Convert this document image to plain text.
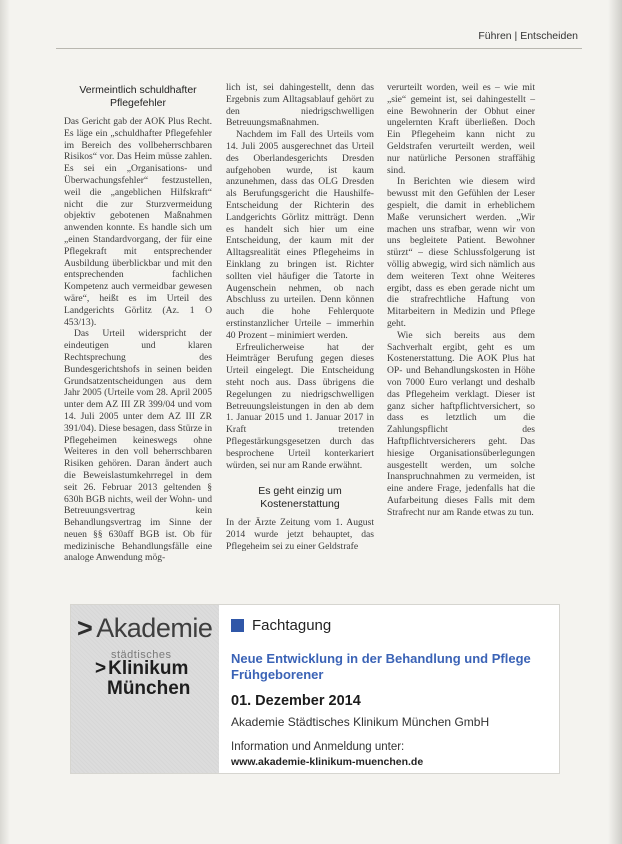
Führen | Entscheiden
Vermeintlich schuldhafter Pflegefehler

Das Gericht gab der AOK Plus Recht. Es läge ein „schuldhafter Pflegefehler im Bereich des vollbeherrschbaren Risikos“ vor. Das Heim müsse zahlen. Es sei ein „Organisations- und Überwachungsfehler“ festzustellen, weil die „angeblichen Hilfskraft“ nicht die zur Sturzvermeidung objektiv gebotenen Maßnahmen anwenden konnte. Es handle sich um „einen Standardvorgang, der für eine Pflegekraft mit entsprechender Ausbildung überblickbar und mit den entsprechenden fachlichen Kompetenz auch vermeidbar gewesen wäre“, heißt es im Urteil des Landgerichts Görlitz (Az. 1 O 453/13).

Das Urteil widerspricht der eindeutigen und klaren Rechtsprechung des Bundesgerichtshofs in seinen beiden Grundsatzentscheidungen aus dem Jahr 2005 (Urteile vom 28. April 2005 unter dem AZ III ZR 399/04 und vom 14. Juli 2005 unter dem AZ III ZR 391/04). Diese besagen, dass Stürze in Pflegeheimen keineswegs ohne Weiteres in den voll beherrschbaren Risiken gehören. Daran ändert auch die Beweislastumkehrregel in dem seit 26. Februar 2013 geltenden § 630h BGB nichts, weil der Wohn- und Betreuungsvertrag kein Behandlungsvertrag im Sinne der neuen §§ 630aff BGB ist. Ob für medizinische Behandlungsfälle eine analoge Anwendung mög-

lich ist, sei dahingestellt, denn das Ergebnis zum Alltagsablauf gehört zu den niedrigschwelligen Betreuungsmaßnahmen.

Nachdem im Fall des Urteils vom 14. Juli 2005 ausgerechnet das Urteil des Oberlandesgerichts Dresden aufgehoben wurde, ist kaum anzunehmen, dass das OLG Dresden als Berufungsgericht die Haushilfe-Entscheidung der Richterin des Landgerichts Görlitz mitträgt. Denn es handelt sich hier um eine Entscheidung, der kaum mit der Alltagsrealität eines Pflegeheims in Einklang zu bringen ist. Richter sollten viel häufiger die Tatorte in Augenschein nehmen, ob nach Abschluss zu urteilen. Denn können auch die hohe Fehlerquote erstinstanzlicher Urteile – immerhin 40 Prozent – minimiert werden.

Erfreulicherweise hat der Heimträger Berufung gegen dieses Urteil eingelegt. Die Entscheidung steht noch aus. Dass übrigens die Regelungen zu niedrigschwelligen Betreuungsleistungen in den ab dem 1. Januar 2015 und 1. Januar 2017 in Kraft tretenden Pflegestärkungsgesetzen durch das besprochene Urteil konterkariert würden, sei nur am Rande erwähnt.

Es geht einzig um Kostenerstattung

In der Ärzte Zeitung vom 1. August 2014 wurde jetzt behauptet, das Pflegeheim sei zu einer Geldstrafe

verurteilt worden, weil es – wie mit „sie“ gemeint ist, sei dahingestellt – eine Bewohnerin der Obhut einer ungelernten Kraft überließen. Doch Ein Pflegeheim kann nicht zu Geldstrafen verurteilt werden, weil nur natürliche Personen straffähig sind.

In Berichten wie diesem wird bewusst mit den Gefühlen der Leser gespielt, die damit in erheblichem Maße verunsichert werden. „Wir machen uns strafbar, wenn wir von uns begleitete Patient. Bewohner stürzt“ – diese Schlussfolgerung ist völlig abwegig, wird sich nämlich aus dem weiteren Text ohne Weiteres ergibt, dass es eben gerade nicht um die strafrechtliche Haftung von Mitarbeitern in Medizin und Pflege geht.

Wie sich bereits aus dem Sachverhalt ergibt, geht es um Kostenerstattung. Die AOK Plus hat OP- und Behandlungskosten in Höhe von 7000 Euro verlangt und deshalb das Pflegeheim verklagt. Dieser ist ganz sicher haftpflichtversichert, so dass es letztlich um die Zahlungspflicht des Haftpflichtversicherers geht. Das hiesige Organisationsüberlegungen ausgestellt werden, um solche Inanspruchnahmen zu vermeiden, ist eine andere Frage, jedenfalls hat die Aufarbeitung dieses Falls mit dem Strafrecht nur am Rande etwas zu tun.

> Akademie
städtisches
> Klinikum
München
Fachtagung
Neue Entwicklung in der Behandlung und Pflege Frühgeborener
01. Dezember 2014
Akademie Städtisches Klinikum München GmbH
Information und Anmeldung unter:
www.akademie-klinikum-muenchen.de
